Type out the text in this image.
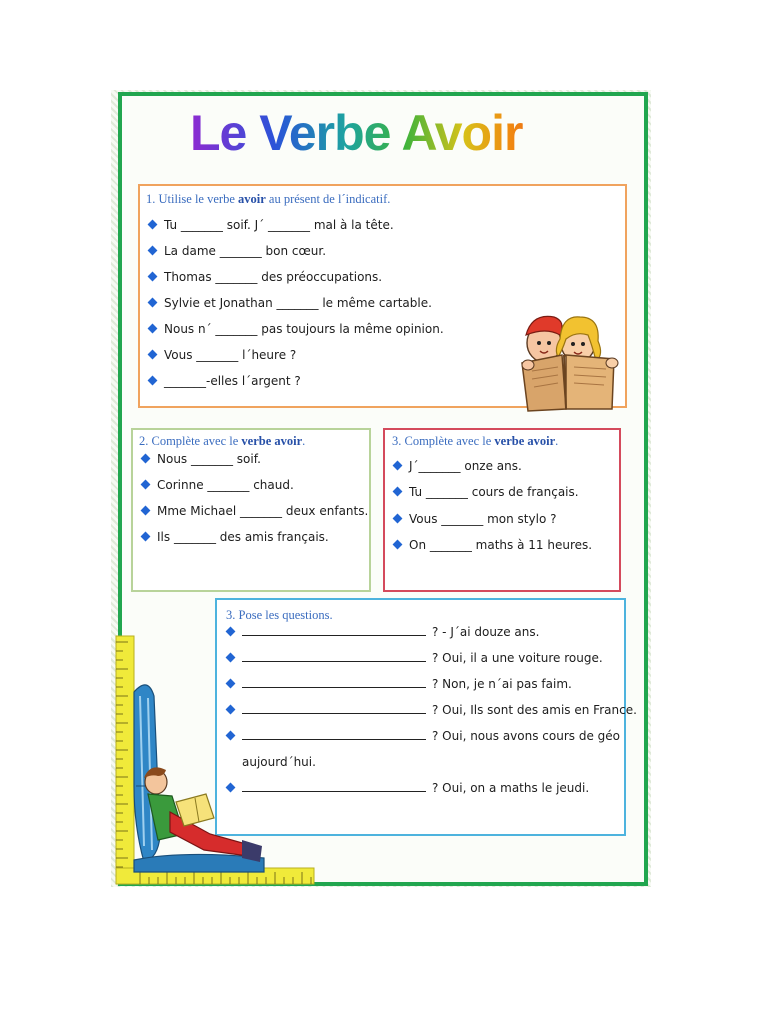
Le Verbe Avoir

1. Utilise le verbe avoir au présent de l´indicatif.

Tu _______ soif. J´ _______ mal à la tête.
La dame _______ bon cœur.
Thomas _______ des préoccupations.
Sylvie et Jonathan _______ le même cartable.
Nous n´ _______ pas toujours la même opinion.
Vous _______ l´heure ?
_______-elles l´argent ?

2. Complète avec le verbe avoir.

Nous _______ soif.
Corinne _______ chaud.
Mme Michael _______ deux enfants.
Ils _______ des amis français.

3. Complète avec le verbe avoir.

J´_______ onze ans.
Tu _______ cours de français.
Vous _______ mon stylo ?
On _______ maths à 11 heures.

3. Pose les questions.

? - J´ai douze ans.
? Oui, il a une voiture rouge.
? Non, je n´ai pas faim.
? Oui, Ils sont des amis en France.
? Oui, nous avons cours de géo
? Oui, on a maths le jeudi.
aujourd´hui.
